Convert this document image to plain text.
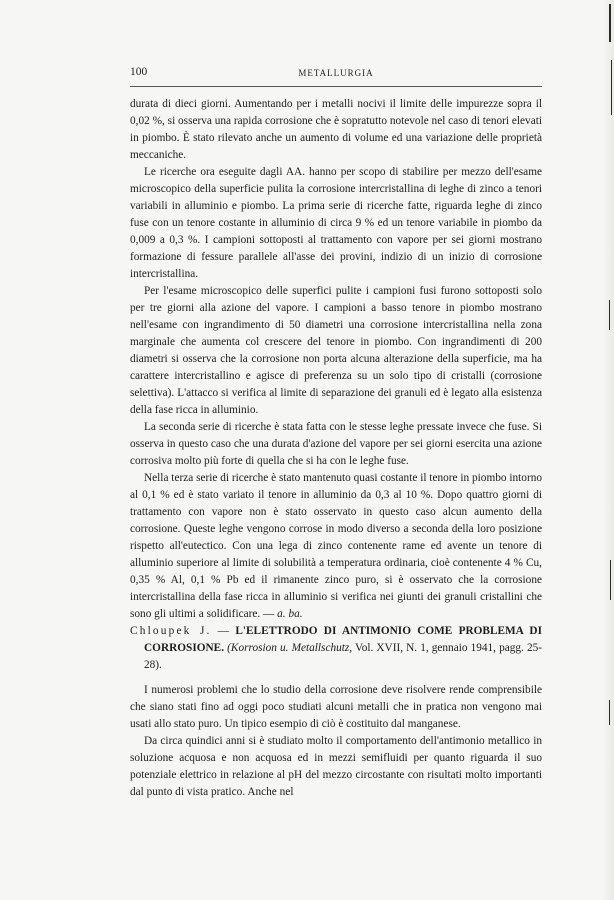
100	METALLURGIA

durata di dieci giorni. Aumentando per i metalli nocivi il limite delle impurezze sopra il 0,02 %, si osserva una rapida corrosione che è sopratutto notevole nel caso di tenori elevati in piombo. È stato rilevato anche un aumento di volume ed una variazione delle proprietà meccaniche.

Le ricerche ora eseguite dagli AA. hanno per scopo di stabilire per mezzo dell'esame microscopico della superficie pulita la corrosione intercristallina di leghe di zinco a tenori variabili in alluminio e piombo. La prima serie di ricerche fatte, riguarda leghe di zinco fuse con un tenore costante in alluminio di circa 9 % ed un tenore variabile in piombo da 0,009 a 0,3 %. I campioni sottoposti al trattamento con vapore per sei giorni mostrano formazione di fessure parallele all'asse dei provini, indizio di un inizio di corrosione intercristallina.

Per l'esame microscopico delle superfici pulite i campioni fusi furono sottoposti solo per tre giorni alla azione del vapore. I campioni a basso tenore in piombo mostrano nell'esame con ingrandimento di 50 diametri una corrosione intercristallina nella zona marginale che aumenta col crescere del tenore in piombo. Con ingrandimenti di 200 diametri si osserva che la corrosione non porta alcuna alterazione della superficie, ma ha carattere intercristallino e agisce di preferenza su un solo tipo di cristalli (corrosione selettiva). L'attacco si verifica al limite di separazione dei granuli ed è legato alla esistenza della fase ricca in alluminio.

La seconda serie di ricerche è stata fatta con le stesse leghe pressate invece che fuse. Si osserva in questo caso che una durata d'azione del vapore per sei giorni esercita una azione corrosiva molto più forte di quella che si ha con le leghe fuse.

Nella terza serie di ricerche è stato mantenuto quasi costante il tenore in piombo intorno al 0,1 % ed è stato variato il tenore in alluminio da 0,3 al 10 %. Dopo quattro giorni di trattamento con vapore non è stato osservato in questo caso alcun aumento della corrosione. Queste leghe vengono corrose in modo diverso a seconda della loro posizione rispetto all'eutectico. Con una lega di zinco contenente rame ed avente un tenore di alluminio superiore al limite di solubilità a temperatura ordinaria, cioè contenente 4 % Cu, 0,35 % Al, 0,1 % Pb ed il rimanente zinco puro, si è osservato che la corrosione intercristallina della fase ricca in alluminio si verifica nei giunti dei granuli cristallini che sono gli ultimi a solidificare. — a. ba.

Chloupek J. — L'ELETTRODO DI ANTIMONIO COME PROBLEMA DI CORROSIONE. (Korrosion u. Metallschutz, Vol. XVII, N. 1, gennaio 1941, pagg. 25-28).

I numerosi problemi che lo studio della corrosione deve risolvere rende comprensibile che siano stati fino ad oggi poco studiati alcuni metalli che in pratica non vengono mai usati allo stato puro. Un tipico esempio di ciò è costituito dal manganese.

Da circa quindici anni si è studiato molto il comportamento dell'antimonio metallico in soluzione acquosa e non acquosa ed in mezzi semifluidi per quanto riguarda il suo potenziale elettrico in relazione al pH del mezzo circostante con risultati molto importanti dal punto di vista pratico. Anche nel
